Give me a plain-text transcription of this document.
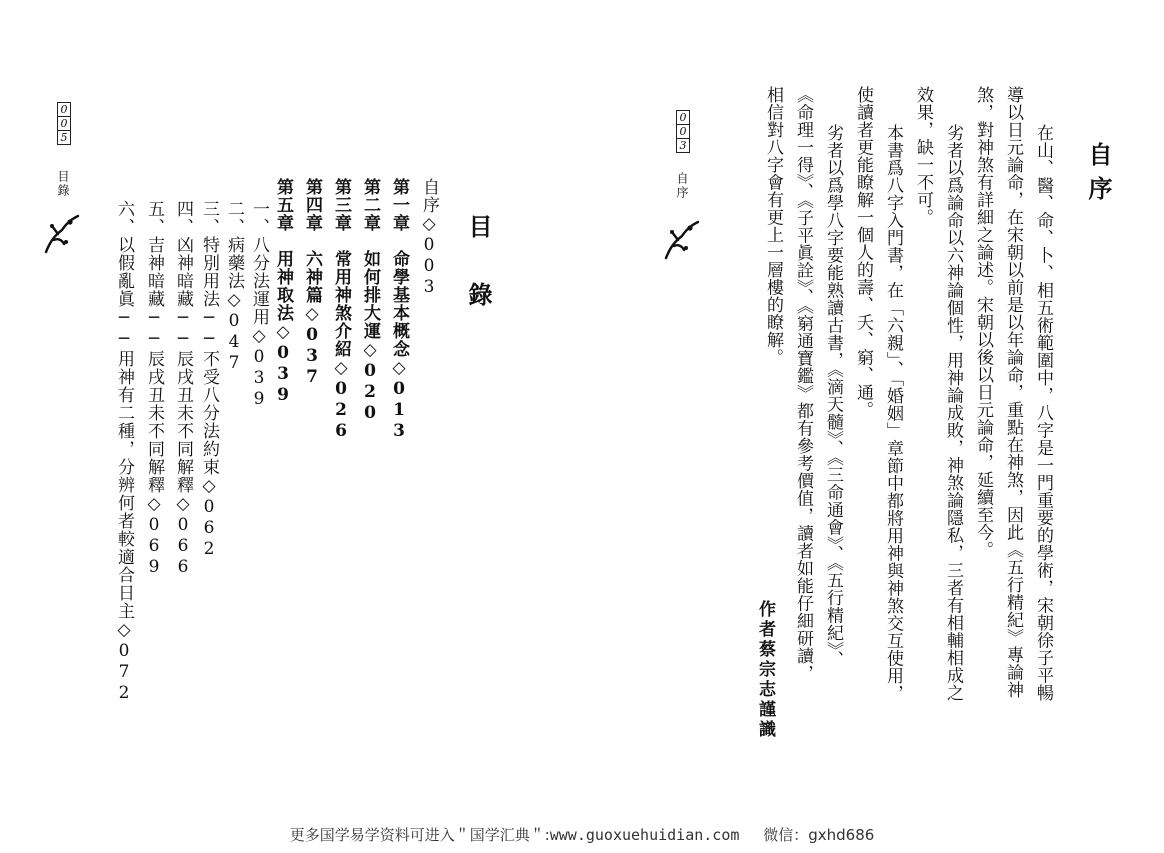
0
0
3
自序	自序
在山、醫、命、卜、相五術範圍中，八字是一門重要的學術，宋朝徐子平暢
導以日元論命，在宋朝以前是以年論命，重點在神煞，因此《五行精紀》專論神
煞，對神煞有詳細之論述。宋朝以後以日元論命，延續至今。
劣者以爲論命以六神論個性，用神論成敗，神煞論隱私，三者有相輔相成之
效果，缺一不可。
本書爲八字入門書，在「六親」、「婚姻」章節中都將用神與神煞交互使用，
使讀者更能瞭解一個人的壽、夭、窮、通。
劣者以爲學八字要能熟讀古書，《滴天髓》、《三命通會》、《五行精紀》、
《命理一得》、《子平眞詮》、《窮通寶鑑》都有參考價值，讀者如能仔細研讀，
相信對八字會有更上一層樓的瞭解。
作者蔡宗志謹識
0
0
5
目錄
目錄
自序◇003
第一章　命學基本概念◇013
第二章　如何排大運◇020
第三章　常用神煞介紹◇026
第四章　六神篇◇037
第五章　用神取法◇039
一、八分法運用◇039
二、病藥法◇047
三、特別用法──不受八分法約束◇062
四、凶神暗藏──辰戌丑未不同解釋◇066
五、吉神暗藏──辰戌丑未不同解釋◇069
六、以假亂眞──用神有二種，分辨何者較適合日主◇072
更多国学易学资料可进入＂国学汇典＂:www.guoxuehuidian.com 微信：gxhd686
